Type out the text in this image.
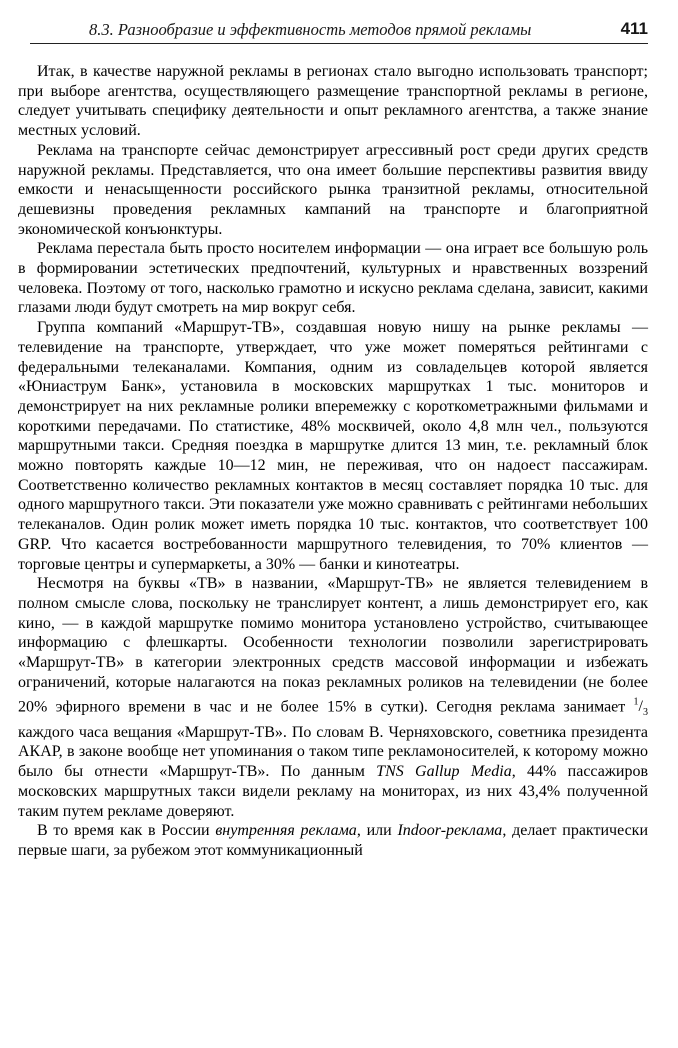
8.3. Разнообразие и эффективность методов прямой рекламы	411

Итак, в качестве наружной рекламы в регионах стало выгодно использовать транспорт; при выборе агентства, осуществляющего размещение транспортной рекламы в регионе, следует учитывать специфику деятельности и опыт рекламного агентства, а также знание местных условий.

Реклама на транспорте сейчас демонстрирует агрессивный рост среди других средств наружной рекламы. Представляется, что она имеет большие перспективы развития ввиду емкости и ненасыщенности российского рынка транзитной рекламы, относительной дешевизны проведения рекламных кампаний на транспорте и благоприятной экономической конъюнктуры.

Реклама перестала быть просто носителем информации — она играет все большую роль в формировании эстетических предпочтений, культурных и нравственных воззрений человека. Поэтому от того, насколько грамотно и искусно реклама сделана, зависит, какими глазами люди будут смотреть на мир вокруг себя.

Группа компаний «Маршрут-ТВ», создавшая новую нишу на рынке рекламы — телевидение на транспорте, утверждает, что уже может померяться рейтингами с федеральными телеканалами. Компания, одним из совладельцев которой является «Юниаструм Банк», установила в московских маршрутках 1 тыс. мониторов и демонстрирует на них рекламные ролики вперемежку с короткометражными фильмами и короткими передачами. По статистике, 48% москвичей, около 4,8 млн чел., пользуются маршрутными такси. Средняя поездка в маршрутке длится 13 мин, т.е. рекламный блок можно повторять каждые 10—12 мин, не переживая, что он надоест пассажирам. Соответственно количество рекламных контактов в месяц составляет порядка 10 тыс. для одного маршрутного такси. Эти показатели уже можно сравнивать с рейтингами небольших телеканалов. Один ролик может иметь порядка 10 тыс. контактов, что соответствует 100 GRP. Что касается востребованности маршрутного телевидения, то 70% клиентов — торговые центры и супермаркеты, а 30% — банки и кинотеатры.

Несмотря на буквы «ТВ» в названии, «Маршрут-ТВ» не является телевидением в полном смысле слова, поскольку не транслирует контент, а лишь демонстрирует его, как кино, — в каждой маршрутке помимо монитора установлено устройство, считывающее информацию с флешкарты. Особенности технологии позволили зарегистрировать «Маршрут-ТВ» в категории электронных средств массовой информации и избежать ограничений, которые налагаются на показ рекламных роликов на телевидении (не более 20% эфирного времени в час и не более 15% в сутки). Сегодня реклама занимает $^1/_3$ каждого часа вещания «Маршрут-ТВ». По словам В. Черняховского, советника президента АКАР, в законе вообще нет упоминания о таком типе рекламоносителей, к которому можно было бы отнести «Маршрут-ТВ». По данным TNS Gallup Media, 44% пассажиров московских маршрутных такси видели рекламу на мониторах, из них 43,4% полученной таким путем рекламе доверяют.

В то время как в России внутренняя реклама, или Indoor-реклама, делает практически первые шаги, за рубежом этот коммуникационный
